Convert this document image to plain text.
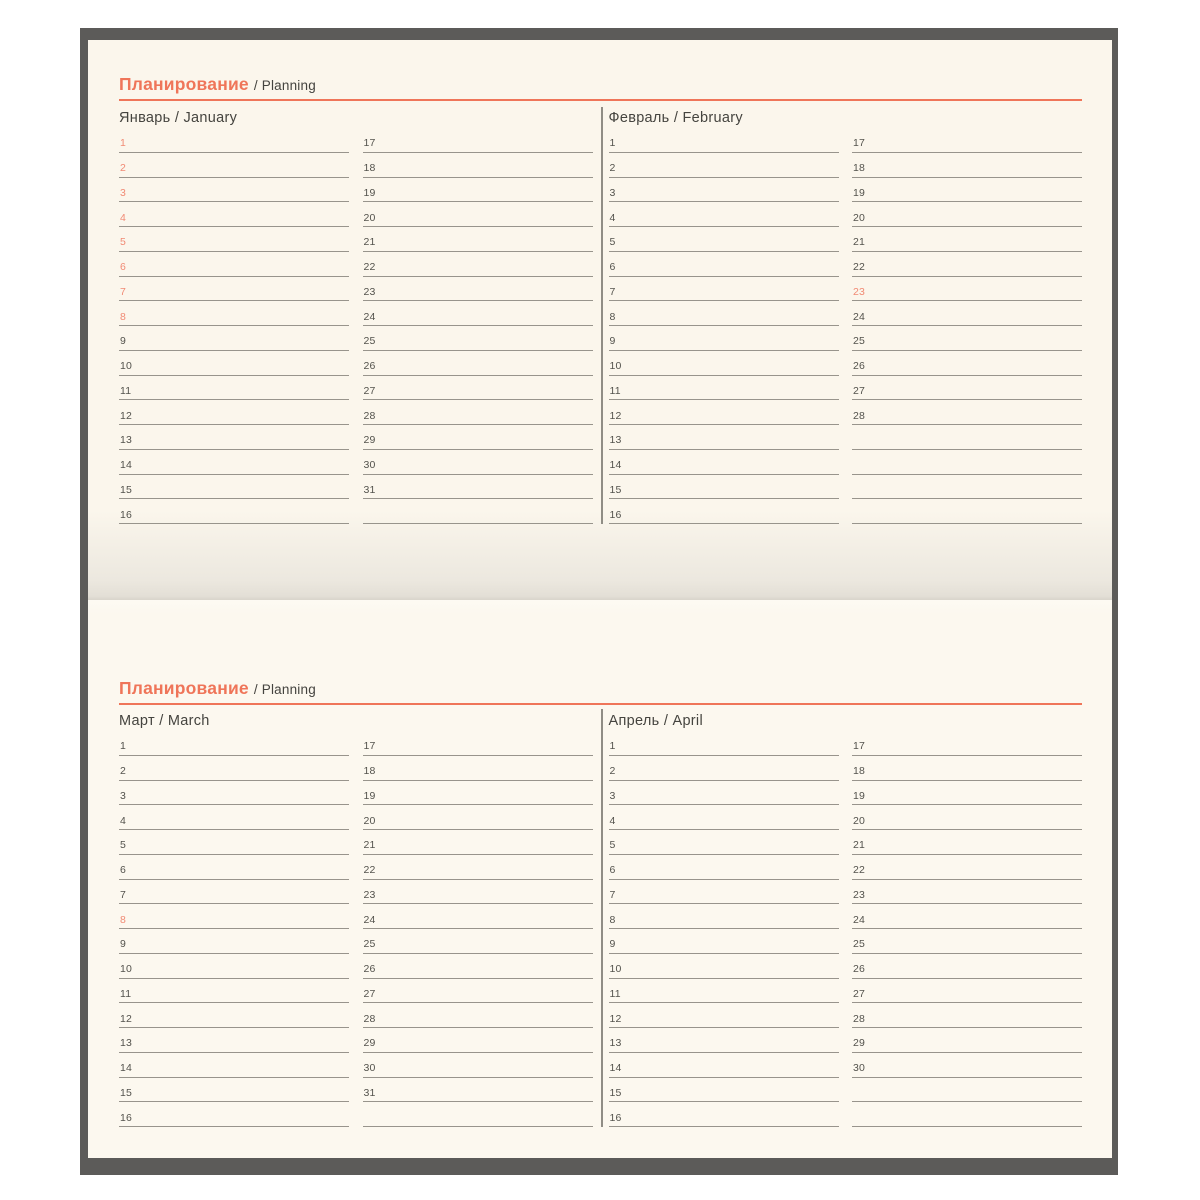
Планирование / Planning
Январь / January
1
2
3
4
5
6
7
8
9
10
11
12
13
14
15
16
17
18
19
20
21
22
23
24
25
26
27
28
29
30
31
Февраль / February
1
2
3
4
5
6
7
8
9
10
11
12
13
14
15
16
17
18
19
20
21
22
23
24
25
26
27
28
Планирование / Planning
Март / March
1
2
3
4
5
6
7
8
9
10
11
12
13
14
15
16
17
18
19
20
21
22
23
24
25
26
27
28
29
30
31
Апрель / April
1
2
3
4
5
6
7
8
9
10
11
12
13
14
15
16
17
18
19
20
21
22
23
24
25
26
27
28
29
30
